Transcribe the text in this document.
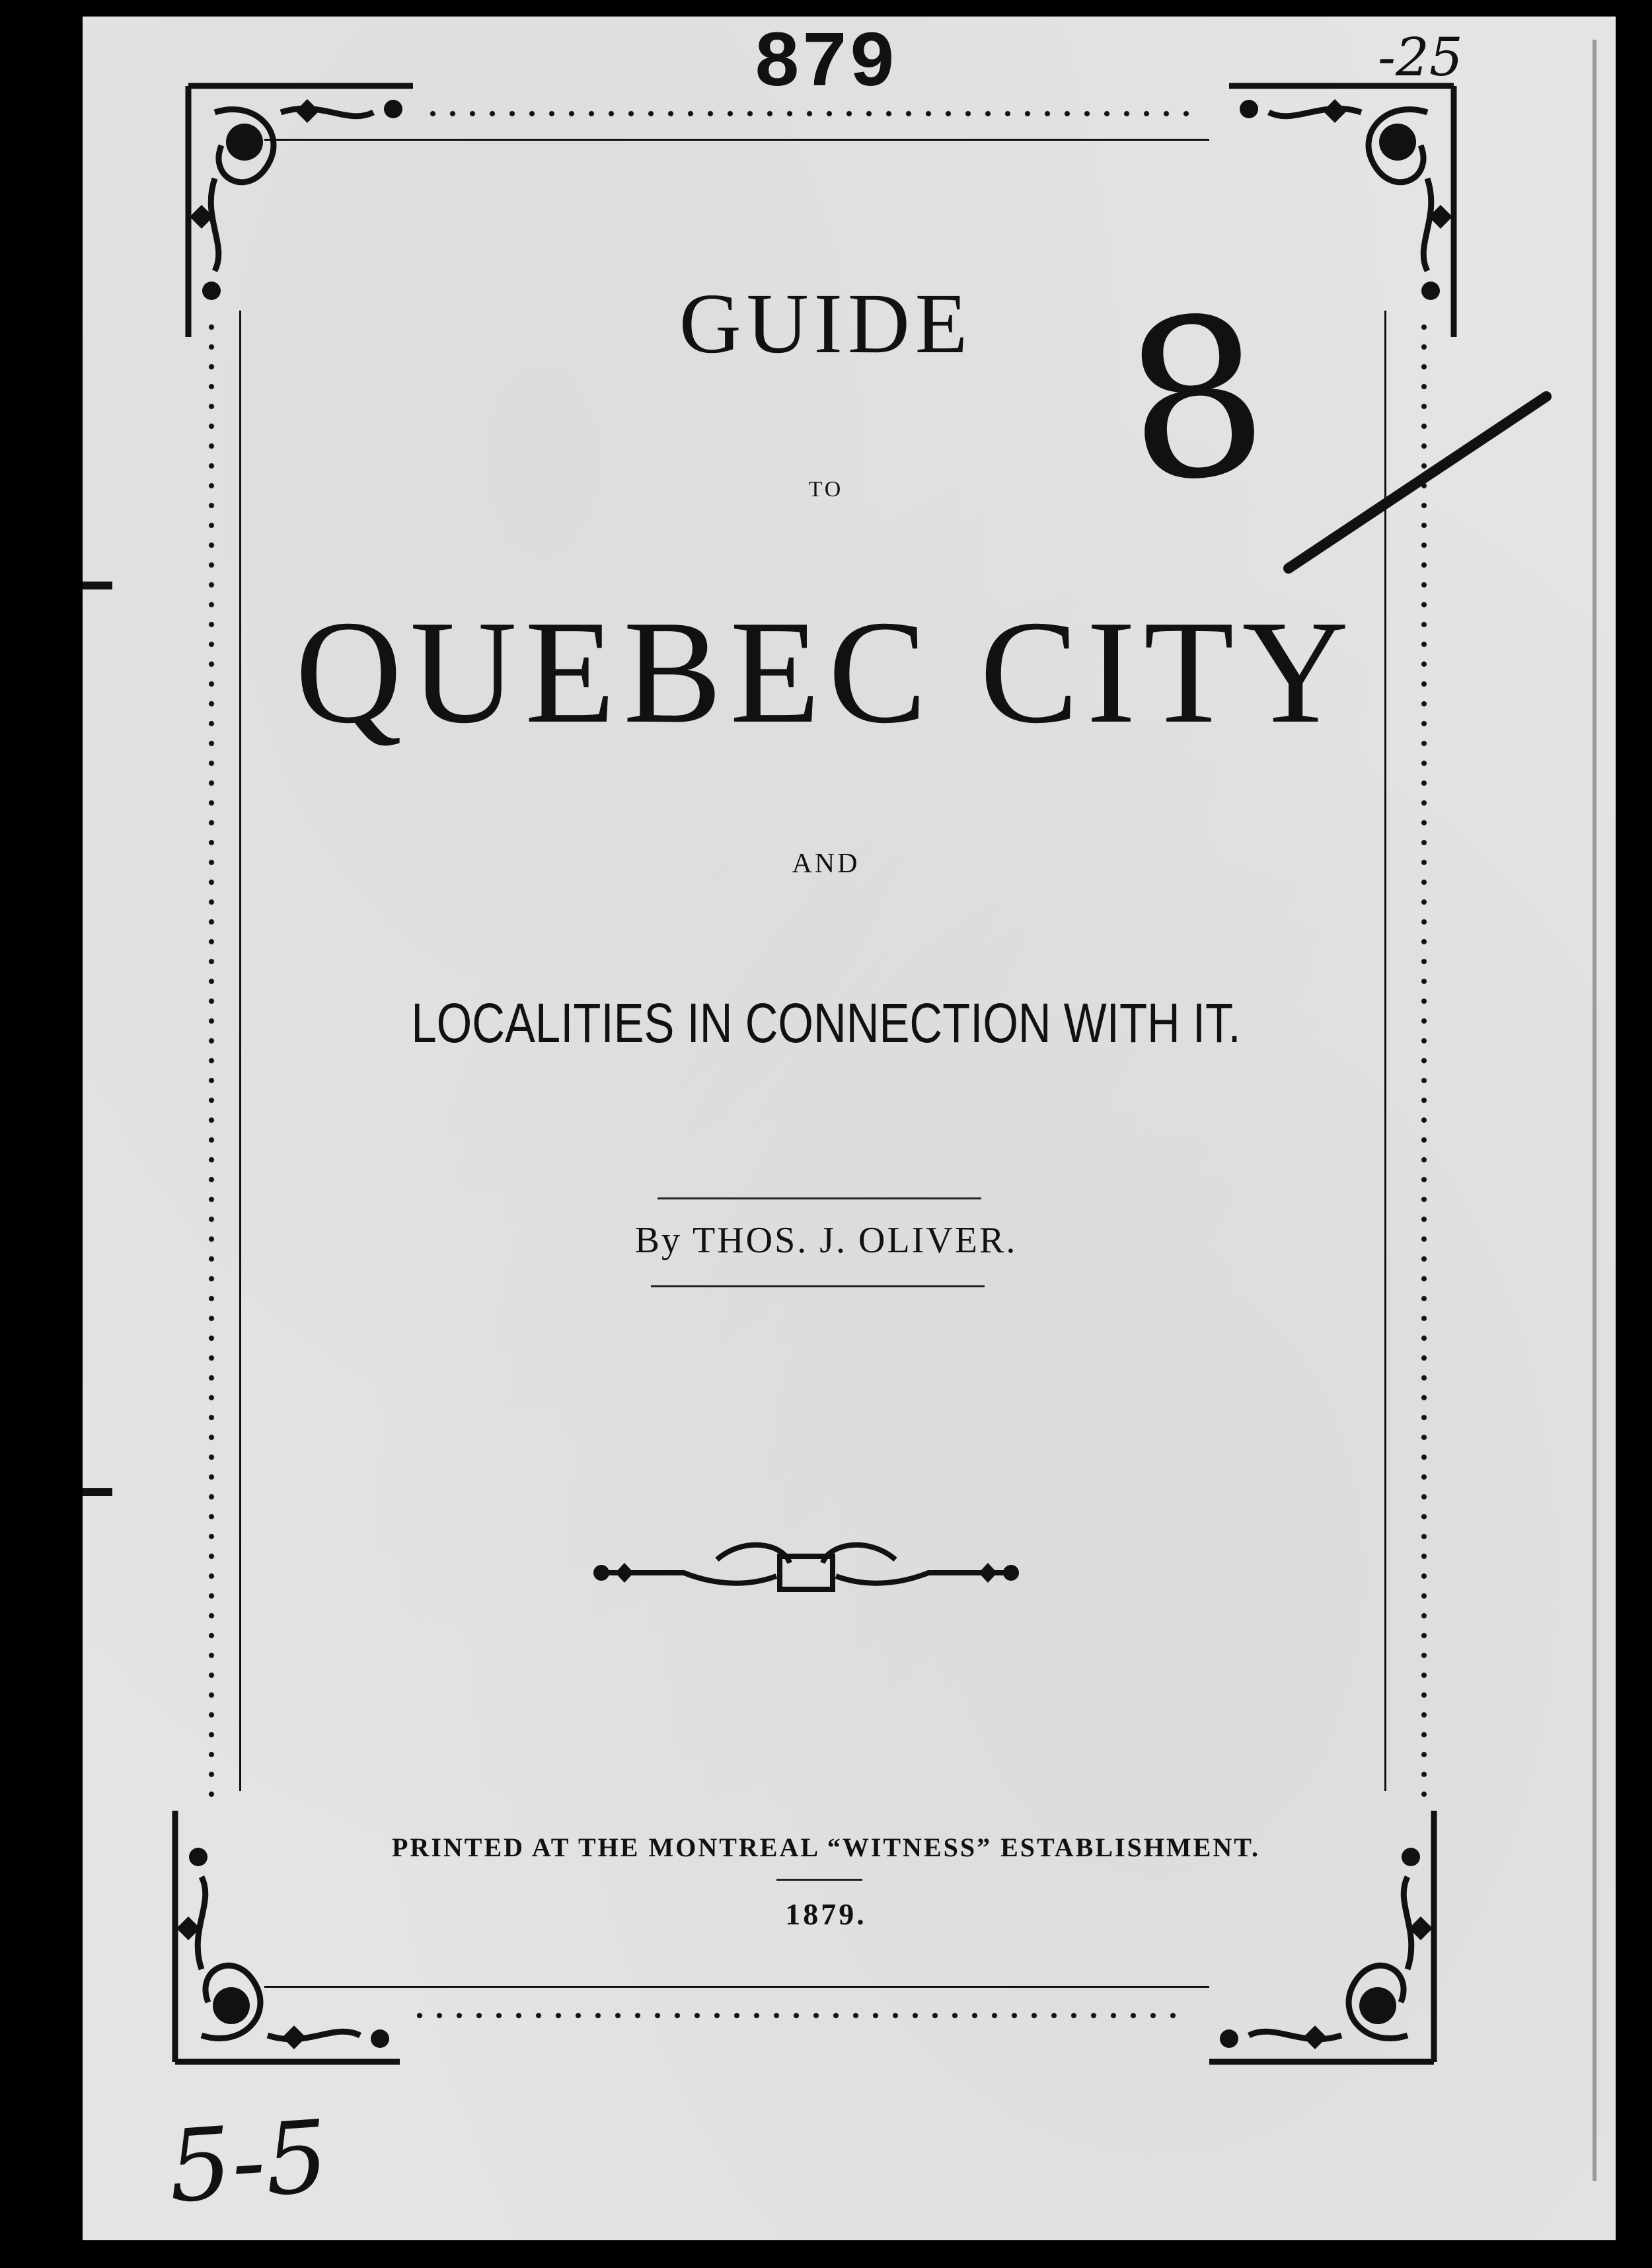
879
GUIDE
TO
QUEBEC CITY
AND
LOCALITIES IN CONNECTION WITH IT.
By THOS. J. OLIVER.
PRINTED AT THE MONTREAL “WITNESS” ESTABLISHMENT.
1879.
8
-25
5-5
